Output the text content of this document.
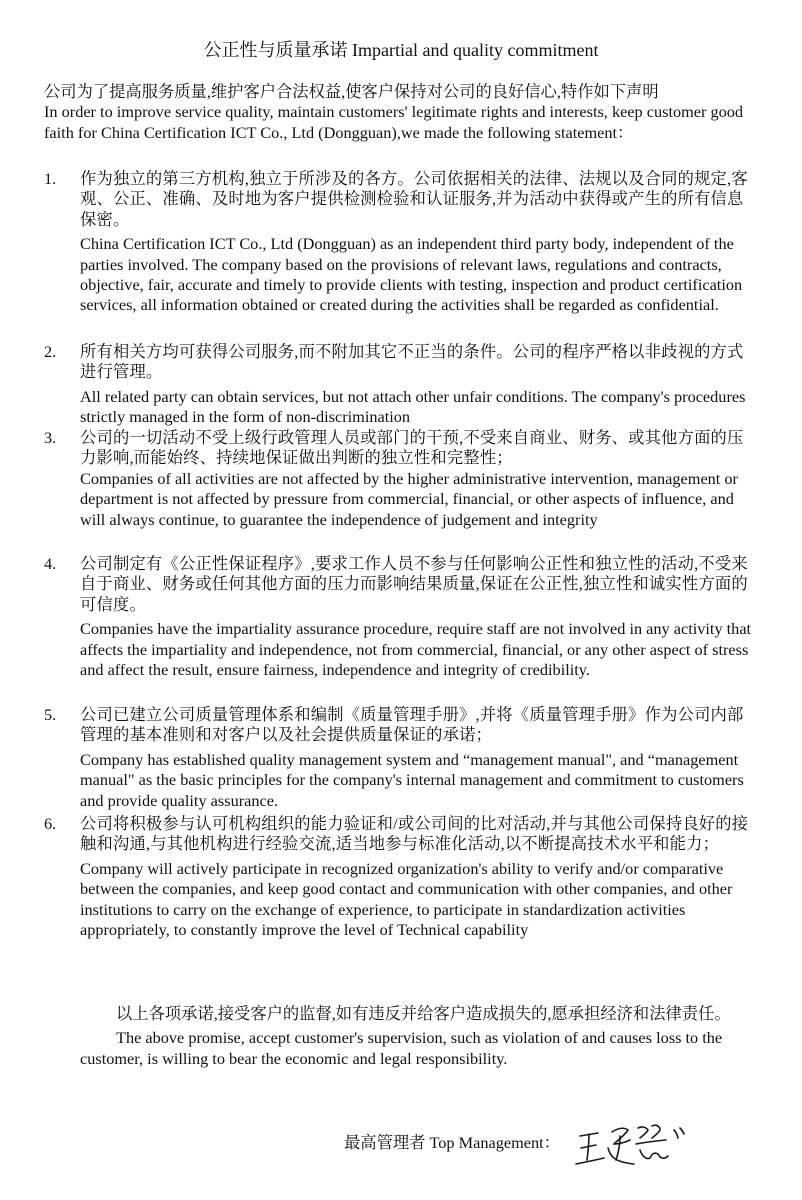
公正性与质量承诺 Impartial and quality commitment

公司为了提高服务质量,维护客户合法权益,使客户保持对公司的良好信心,特作如下声明

In order to improve service quality, maintain customers' legitimate rights and interests, keep customer good faith for China Certification ICT Co., Ltd (Dongguan),we made the following statement：

1.	作为独立的第三方机构,独立于所涉及的各方。公司依据相关的法律、法规以及合同的规定,客观、公正、准确、及时地为客户提供检测检验和认证服务,并为活动中获得或产生的所有信息保密。

China Certification ICT Co., Ltd (Dongguan) as an independent third party body, independent of the parties involved. The company based on the provisions of relevant laws, regulations and contracts, objective, fair, accurate and timely to provide clients with testing, inspection and product certification services, all information obtained or created during the activities shall be regarded as confidential.

2.	所有相关方均可获得公司服务,而不附加其它不正当的条件。公司的程序严格以非歧视的方式进行管理。

All related party can obtain services, but not attach other unfair conditions. The company's procedures strictly managed in the form of non-discrimination

3.	公司的一切活动不受上级行政管理人员或部门的干预,不受来自商业、财务、或其他方面的压力影响,而能始终、持续地保证做出判断的独立性和完整性；

Companies of all activities are not affected by the higher administrative intervention, management or department is not affected by pressure from commercial, financial, or other aspects of influence, and will always continue, to guarantee the independence of judgement and integrity

4.	公司制定有《公正性保证程序》,要求工作人员不参与任何影响公正性和独立性的活动,不受来自于商业、财务或任何其他方面的压力而影响结果质量,保证在公正性,独立性和诚实性方面的可信度。

Companies have the impartiality assurance procedure, require staff are not involved in any activity that affects the impartiality and independence, not from commercial, financial, or any other aspect of stress and affect the result, ensure fairness, independence and integrity of credibility.

5.	公司已建立公司质量管理体系和编制《质量管理手册》,并将《质量管理手册》作为公司内部管理的基本准则和对客户以及社会提供质量保证的承诺；

Company has established quality management system and “management manual", and “management manual" as the basic principles for the company's internal management and commitment to customers and provide quality assurance.

6.	公司将积极参与认可机构组织的能力验证和/或公司间的比对活动,并与其他公司保持良好的接触和沟通,与其他机构进行经验交流,适当地参与标准化活动,以不断提高技术水平和能力；

Company will actively participate in recognized organization's ability to verify and/or comparative between the companies, and keep good contact and communication with other companies, and other institutions to carry on the exchange of experience, to participate in standardization activities appropriately, to constantly improve the level of Technical capability

以上各项承诺,接受客户的监督,如有违反并给客户造成损失的,愿承担经济和法律责任。

The above promise, accept customer's supervision, such as violation of and causes loss to the customer, is willing to bear the economic and legal responsibility.

最高管理者 Top Management：
